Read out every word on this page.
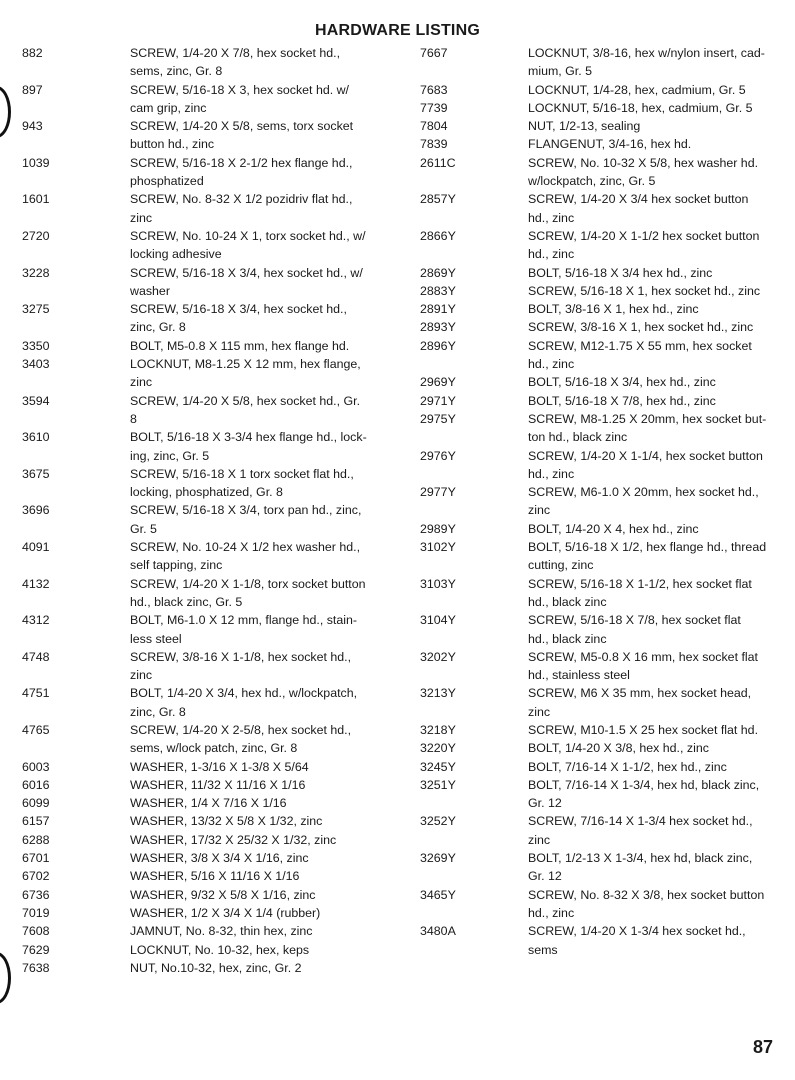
HARDWARE LISTING
882	SCREW, 1/4-20 X 7/8, hex socket hd.,
sems, zinc, Gr. 8
897	SCREW, 5/16-18 X 3, hex socket hd. w/
cam grip, zinc
943	SCREW, 1/4-20 X 5/8, sems, torx socket
button hd., zinc
1039	SCREW, 5/16-18 X 2-1/2 hex flange hd.,
phosphatized
1601	SCREW, No. 8-32 X 1/2 pozidriv flat hd.,
zinc
2720	SCREW, No. 10-24 X 1, torx socket hd., w/
locking adhesive
3228	SCREW, 5/16-18 X 3/4, hex socket hd., w/
washer
3275	SCREW, 5/16-18 X 3/4, hex socket hd.,
zinc, Gr. 8
3350	BOLT, M5-0.8 X 115 mm, hex flange hd.
3403	LOCKNUT, M8-1.25 X 12 mm, hex flange,
zinc
3594	SCREW, 1/4-20 X 5/8, hex socket hd., Gr.
8
3610	BOLT, 5/16-18 X 3-3/4 hex flange hd., lock-
ing, zinc, Gr. 5
3675	SCREW, 5/16-18 X 1 torx socket flat hd.,
locking, phosphatized, Gr. 8
3696	SCREW, 5/16-18 X 3/4, torx pan hd., zinc,
Gr. 5
4091	SCREW, No. 10-24 X 1/2 hex washer hd.,
self tapping, zinc
4132	SCREW, 1/4-20 X 1-1/8, torx socket button
hd., black zinc, Gr. 5
4312	BOLT, M6-1.0 X 12 mm, flange hd., stain-
less steel
4748	SCREW, 3/8-16 X 1-1/8, hex socket hd.,
zinc
4751	BOLT, 1/4-20 X 3/4, hex hd., w/lockpatch,
zinc, Gr. 8
4765	SCREW, 1/4-20 X 2-5/8, hex socket hd.,
sems, w/lock patch, zinc, Gr. 8
6003	WASHER, 1-3/16 X 1-3/8 X 5/64
6016	WASHER, 11/32 X 11/16 X 1/16
6099	WASHER, 1/4 X 7/16 X 1/16
6157	WASHER, 13/32 X 5/8 X 1/32, zinc
6288	WASHER, 17/32 X 25/32 X 1/32, zinc
6701	WASHER, 3/8 X 3/4 X 1/16, zinc
6702	WASHER, 5/16 X 11/16 X 1/16
6736	WASHER, 9/32 X 5/8 X 1/16, zinc
7019	WASHER, 1/2 X 3/4 X 1/4 (rubber)
7608	JAMNUT, No. 8-32, thin hex, zinc
7629	LOCKNUT, No. 10-32, hex, keps
7638	NUT, No.10-32, hex, zinc, Gr. 2
7667	LOCKNUT, 3/8-16, hex w/nylon insert, cad-
mium, Gr. 5
7683	LOCKNUT, 1/4-28, hex, cadmium, Gr. 5
7739	LOCKNUT, 5/16-18, hex, cadmium, Gr. 5
7804	NUT, 1/2-13, sealing
7839	FLANGENUT, 3/4-16, hex hd.
2611C	SCREW, No. 10-32 X 5/8, hex washer hd.
w/lockpatch, zinc, Gr. 5
2857Y	SCREW, 1/4-20 X 3/4 hex socket button
hd., zinc
2866Y	SCREW, 1/4-20 X 1-1/2 hex socket button
hd., zinc
2869Y	BOLT, 5/16-18 X 3/4 hex hd., zinc
2883Y	SCREW, 5/16-18 X 1, hex socket hd., zinc
2891Y	BOLT, 3/8-16 X 1, hex hd., zinc
2893Y	SCREW, 3/8-16 X 1, hex socket hd., zinc
2896Y	SCREW, M12-1.75 X 55 mm, hex socket
hd., zinc
2969Y	BOLT, 5/16-18 X 3/4, hex hd., zinc
2971Y	BOLT, 5/16-18 X 7/8, hex hd., zinc
2975Y	SCREW, M8-1.25 X 20mm, hex socket but-
ton hd., black zinc
2976Y	SCREW, 1/4-20 X 1-1/4, hex socket button
hd., zinc
2977Y	SCREW, M6-1.0 X 20mm, hex socket hd.,
zinc
2989Y	BOLT, 1/4-20 X 4, hex hd., zinc
3102Y	BOLT, 5/16-18 X 1/2, hex flange hd., thread
cutting, zinc
3103Y	SCREW, 5/16-18 X 1-1/2, hex socket flat
hd., black zinc
3104Y	SCREW, 5/16-18 X 7/8, hex socket flat
hd., black zinc
3202Y	SCREW, M5-0.8 X 16 mm, hex socket flat
hd., stainless steel
3213Y	SCREW, M6 X 35 mm, hex socket head,
zinc
3218Y	SCREW, M10-1.5 X 25 hex socket flat hd.
3220Y	BOLT, 1/4-20 X 3/8, hex hd., zinc
3245Y	BOLT, 7/16-14 X 1-1/2, hex hd., zinc
3251Y	BOLT, 7/16-14 X 1-3/4, hex hd, black zinc,
Gr. 12
3252Y	SCREW, 7/16-14 X 1-3/4 hex socket hd.,
zinc
3269Y	BOLT, 1/2-13 X 1-3/4, hex hd, black zinc,
Gr. 12
3465Y	SCREW, No. 8-32 X 3/8, hex socket button
hd., zinc
3480A	SCREW, 1/4-20 X 1-3/4 hex socket hd.,
sems
87
